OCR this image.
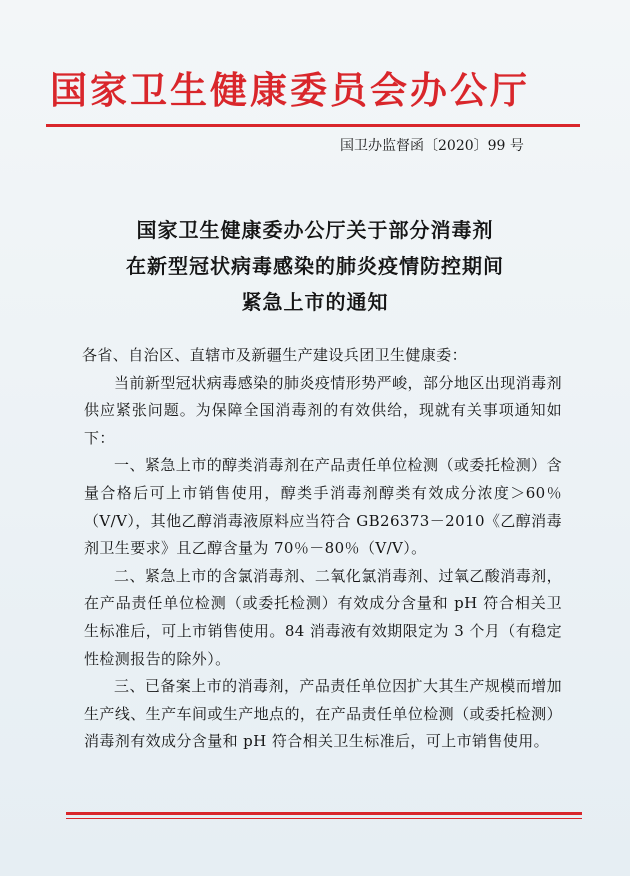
国家卫生健康委员会办公厅
国卫办监督函〔2020〕99 号
国家卫生健康委办公厅关于部分消毒剂
在新型冠状病毒感染的肺炎疫情防控期间
紧急上市的通知

各省、自治区、直辖市及新疆生产建设兵团卫生健康委：

当前新型冠状病毒感染的肺炎疫情形势严峻，部分地区出现消毒剂供应紧张问题。为保障全国消毒剂的有效供给，现就有关事项通知如下：

一、紧急上市的醇类消毒剂在产品责任单位检测（或委托检测）含量合格后可上市销售使用，醇类手消毒剂醇类有效成分浓度＞60％（V/V），其他乙醇消毒液原料应当符合 GB26373－2010《乙醇消毒剂卫生要求》且乙醇含量为 70％－80％（V/V）。

二、紧急上市的含氯消毒剂、二氧化氯消毒剂、过氧乙酸消毒剂，在产品责任单位检测（或委托检测）有效成分含量和 pH 符合相关卫生标准后，可上市销售使用。84 消毒液有效期限定为 3 个月（有稳定性检测报告的除外）。

三、已备案上市的消毒剂，产品责任单位因扩大其生产规模而增加生产线、生产车间或生产地点的，在产品责任单位检测（或委托检测）消毒剂有效成分含量和 pH 符合相关卫生标准后，可上市销售使用。
